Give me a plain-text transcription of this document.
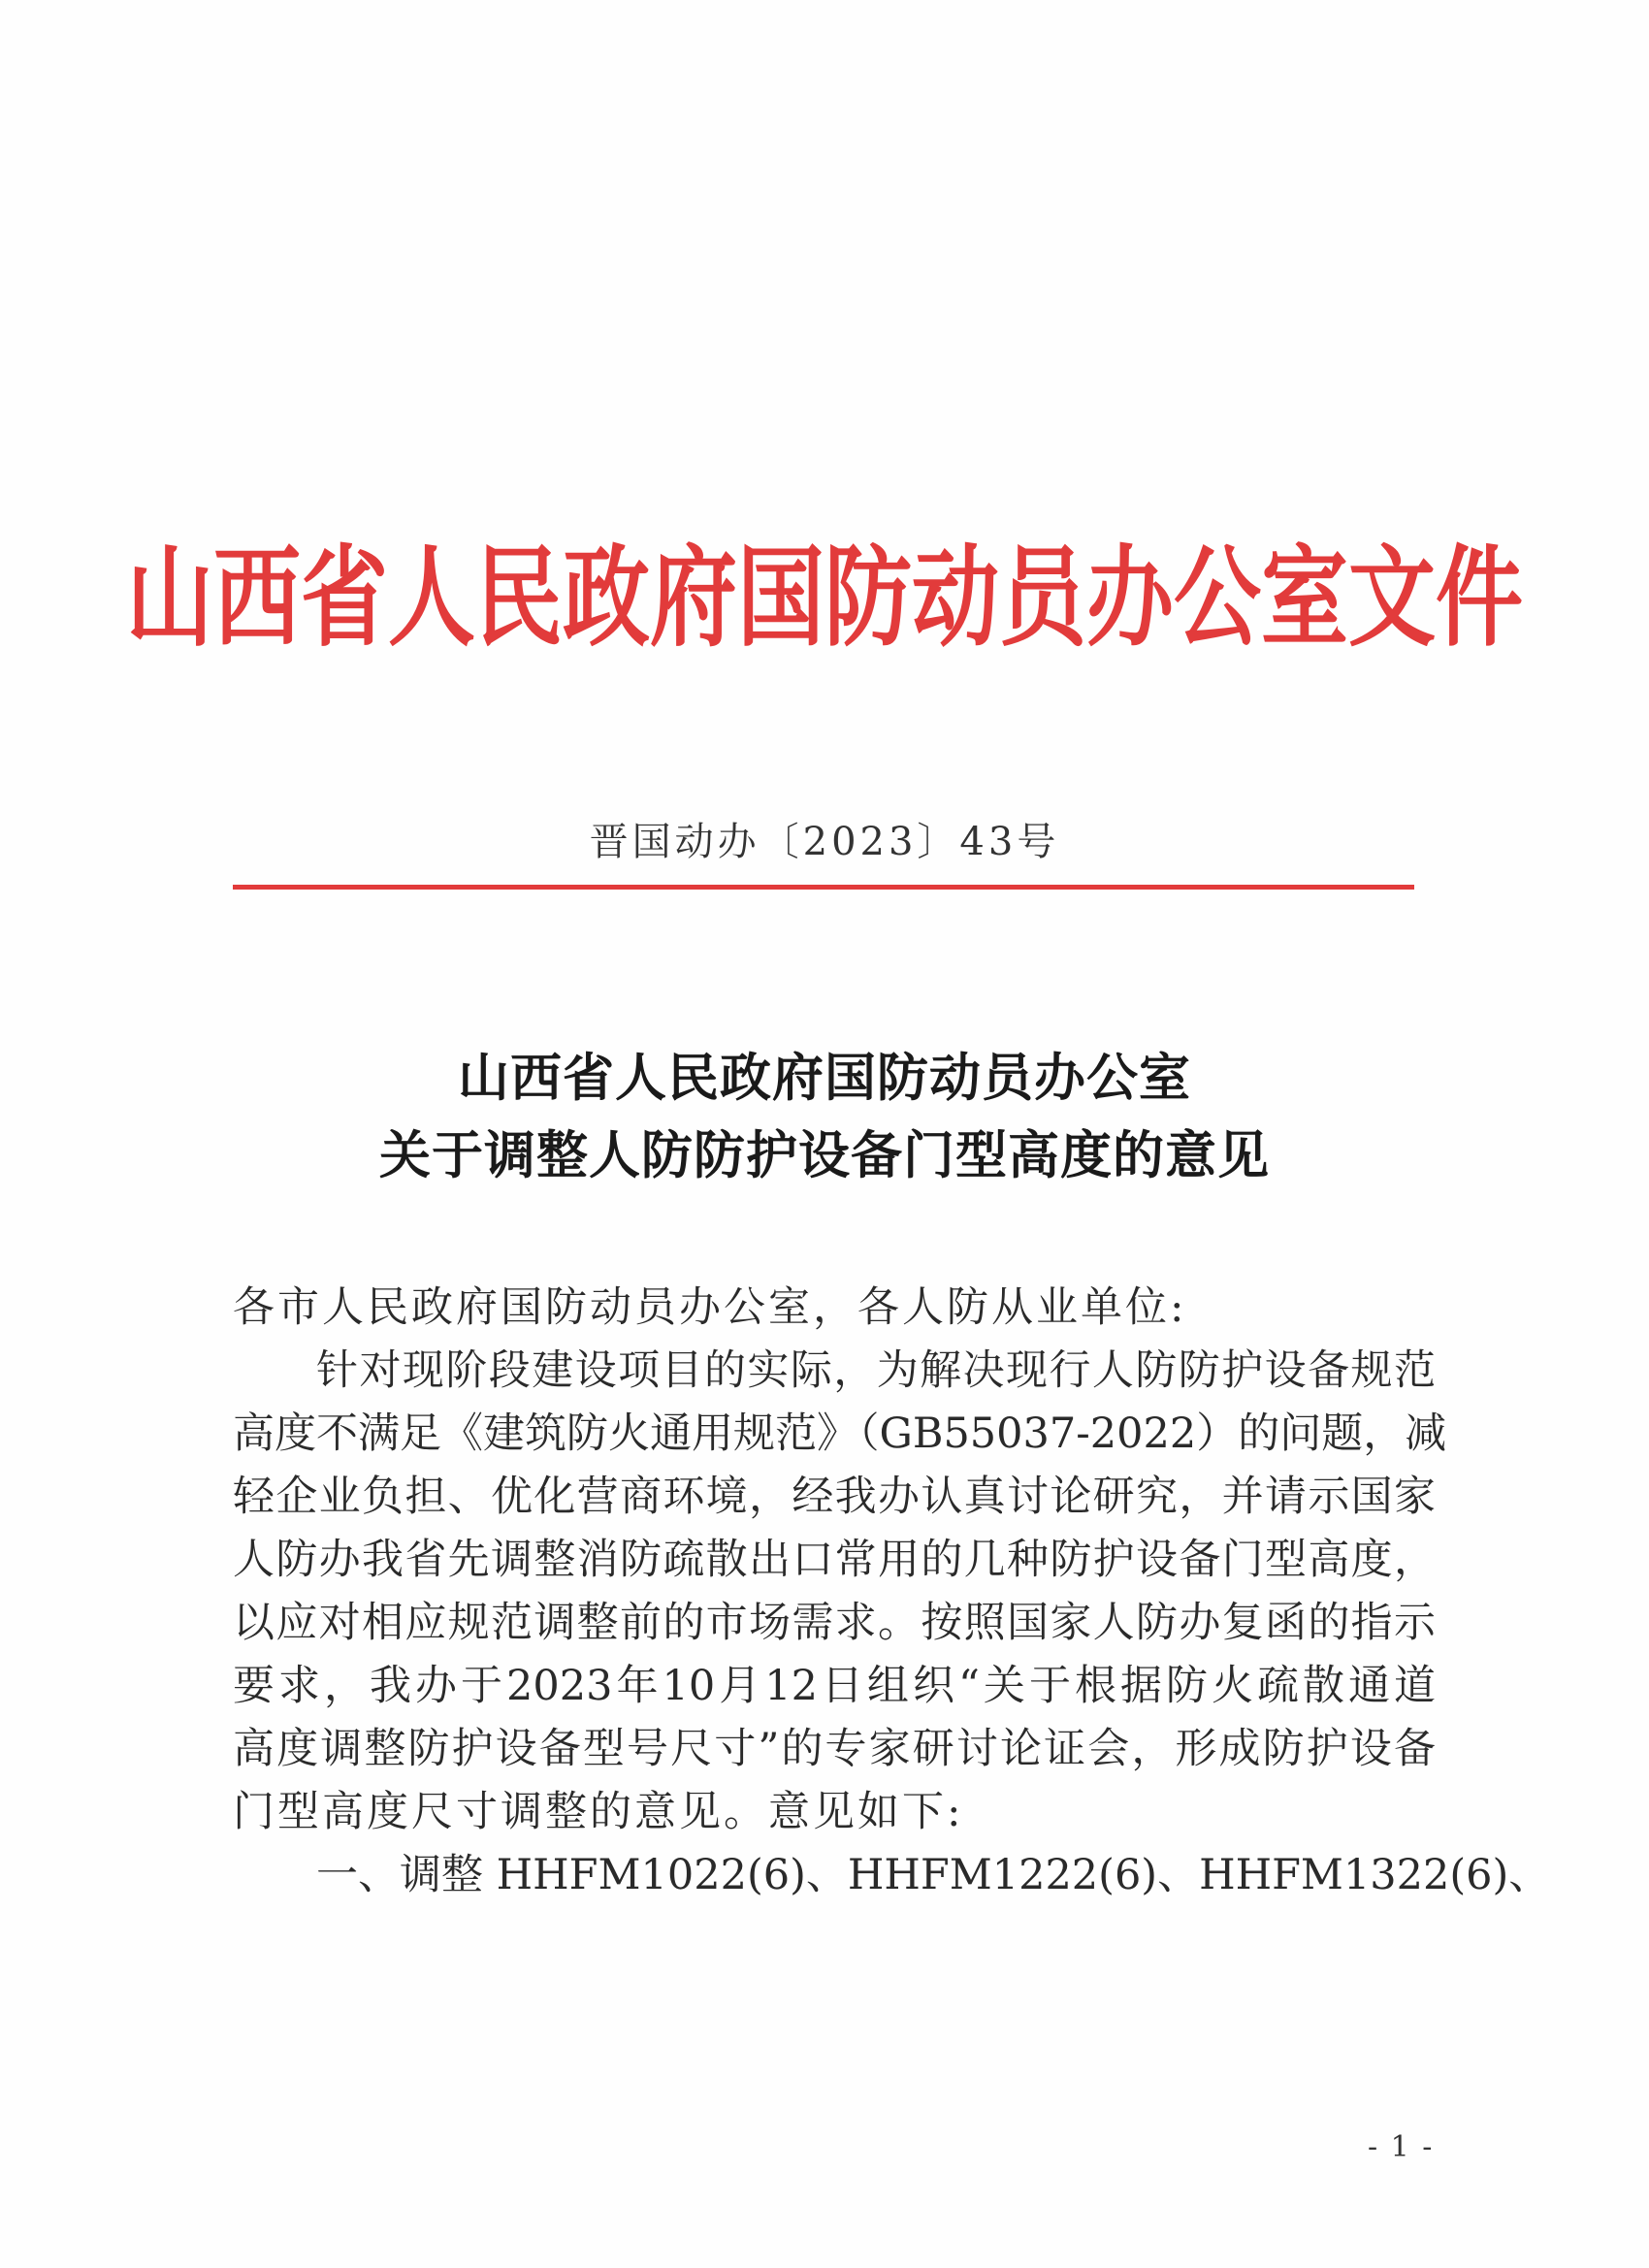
山西省人民政府国防动员办公室文件
晋国动办〔2023〕43号
山西省人民政府国防动员办公室
关于调整人防防护设备门型高度的意见
各市人民政府国防动员办公室，各人防从业单位:
针对现阶段建设项目的实际，为解决现行人防防护设备规范
高度不满足《建筑防火通用规范》（GB55037-2022）的问题，减
轻企业负担、优化营商环境，经我办认真讨论研究，并请示国家
人防办我省先调整消防疏散出口常用的几种防护设备门型高度，
以应对相应规范调整前的市场需求。按照国家人防办复函的指示
要求，我办于2023年10月12日组织“关于根据防火疏散通道
高度调整防护设备型号尺寸”的专家研讨论证会，形成防护设备
门型高度尺寸调整的意见。意见如下:
一、调整 HHFM1022(6)、HHFM1222(6)、HHFM1322(6)、
- 1 -
